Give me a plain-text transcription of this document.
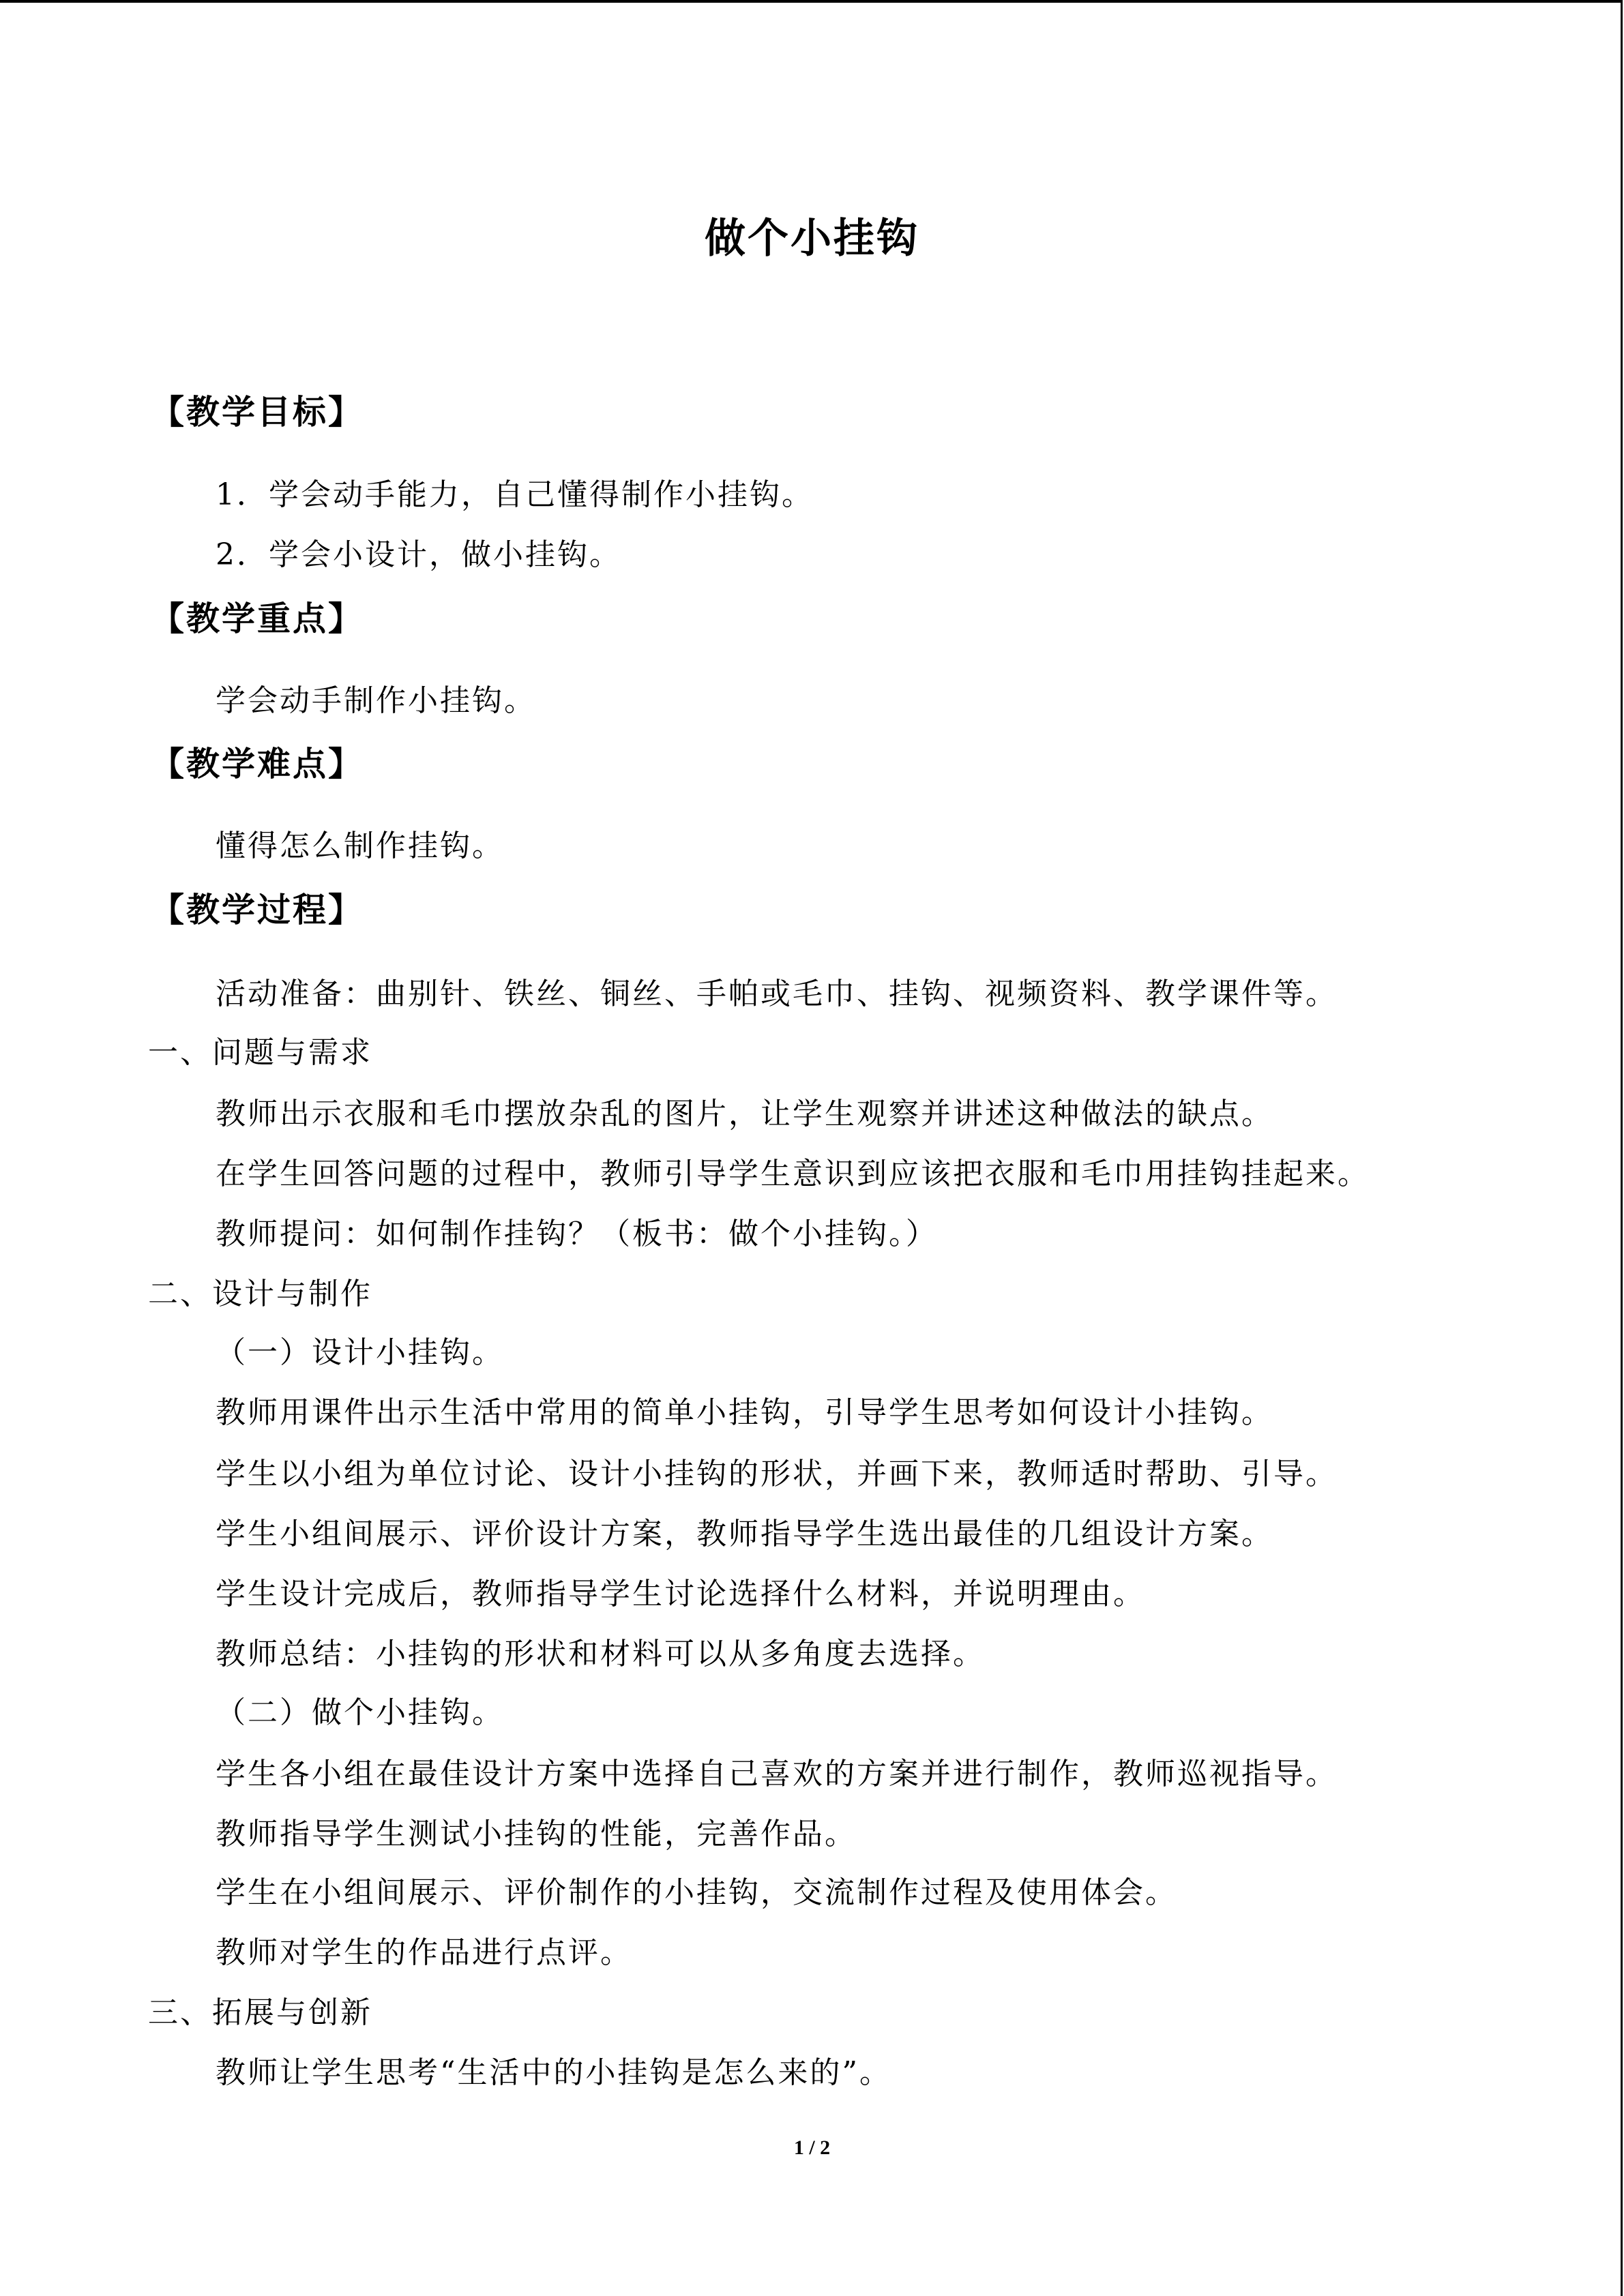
做个小挂钩
【教学目标】
1．学会动手能力，自己懂得制作小挂钩。
2．学会小设计，做小挂钩。
【教学重点】
学会动手制作小挂钩。
【教学难点】
懂得怎么制作挂钩。
【教学过程】
活动准备：曲别针、铁丝、铜丝、手帕或毛巾、挂钩、视频资料、教学课件等。
一、问题与需求
教师出示衣服和毛巾摆放杂乱的图片，让学生观察并讲述这种做法的缺点。
在学生回答问题的过程中，教师引导学生意识到应该把衣服和毛巾用挂钩挂起来。
教师提问：如何制作挂钩？（板书：做个小挂钩。）
二、设计与制作
（一）设计小挂钩。
教师用课件出示生活中常用的简单小挂钩，引导学生思考如何设计小挂钩。
学生以小组为单位讨论、设计小挂钩的形状，并画下来，教师适时帮助、引导。
学生小组间展示、评价设计方案，教师指导学生选出最佳的几组设计方案。
学生设计完成后，教师指导学生讨论选择什么材料，并说明理由。
教师总结：小挂钩的形状和材料可以从多角度去选择。
（二）做个小挂钩。
学生各小组在最佳设计方案中选择自己喜欢的方案并进行制作，教师巡视指导。
教师指导学生测试小挂钩的性能，完善作品。
学生在小组间展示、评价制作的小挂钩，交流制作过程及使用体会。
教师对学生的作品进行点评。
三、拓展与创新
教师让学生思考“生活中的小挂钩是怎么来的”。
1 / 2
